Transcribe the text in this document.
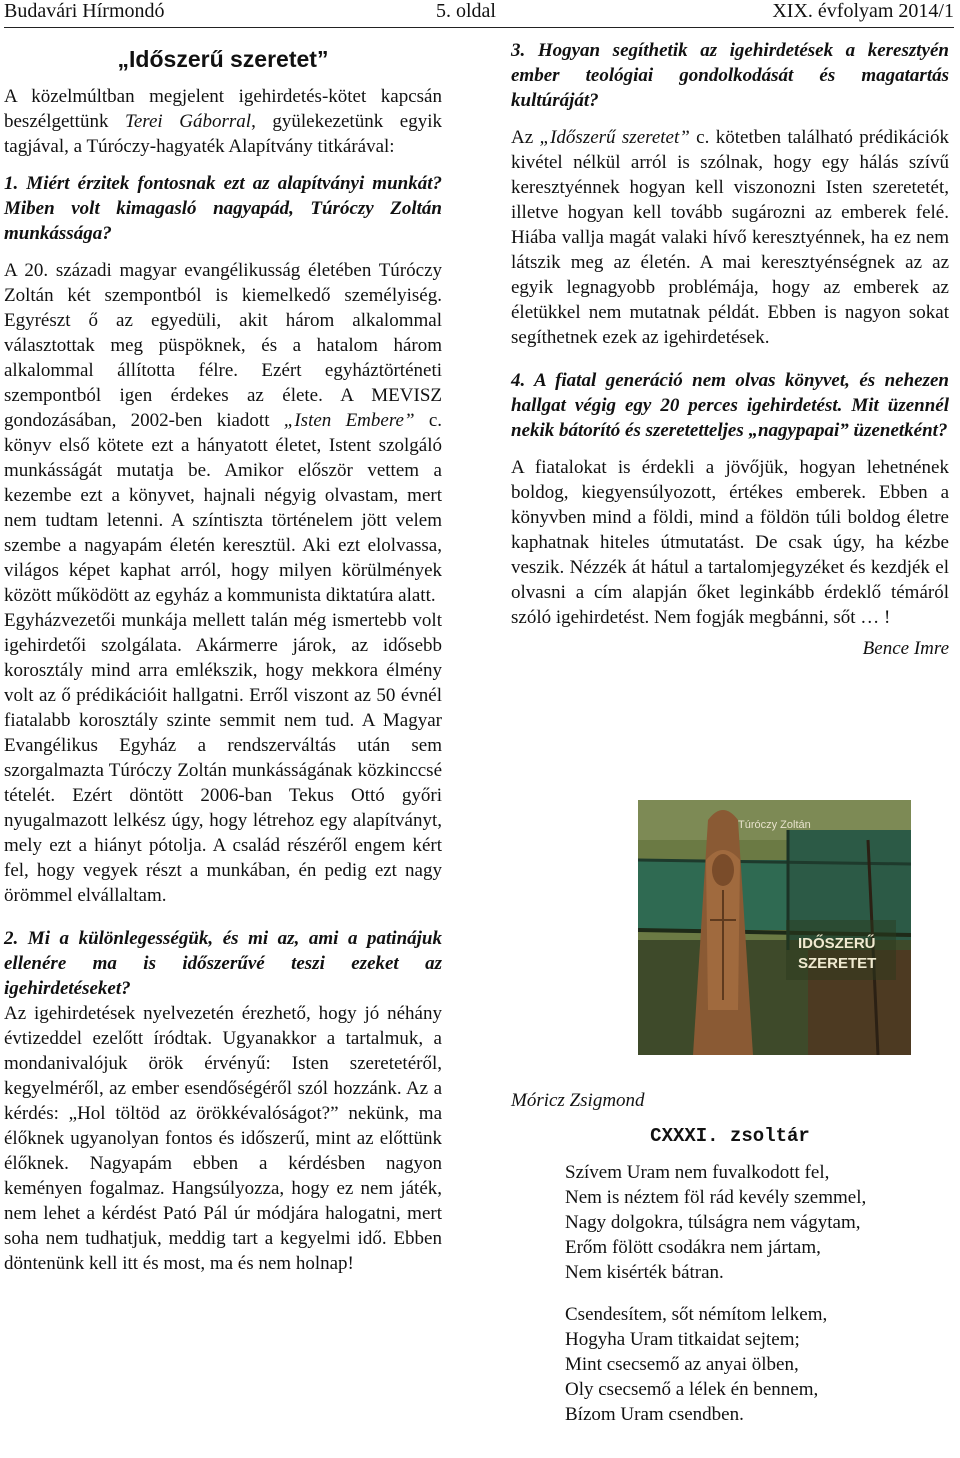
Budavári Hírmondó	5. oldal	XIX. évfolyam 2014/1
„Időszerű szeretet”

A közelmúltban megjelent igehirdetés-kötet kapcsán beszélgettünk Terei Gáborral, gyülekezetünk egyik tagjával, a Túróczy-hagyaték Alapítvány titkárával:

1. Miért érzitek fontosnak ezt az alapítványi munkát? Miben volt kimagasló nagyapád, Túróczy Zoltán munkássága?

A 20. századi magyar evangélikusság életében Túróczy Zoltán két szempontból is kiemelkedő személyiség. Egyrészt ő az egyedüli, akit három alkalommal választottak meg püspöknek, és a hatalom három alkalommal állította félre. Ezért egyháztörténeti szempontból igen érdekes az élete. A MEVISZ gondozásában, 2002-ben kiadott „Isten Embere” c. könyv első kötete ezt a hányatott életet, Istent szolgáló munkásságát mutatja be. Amikor először vettem a kezembe ezt a könyvet, hajnali négyig olvastam, mert nem tudtam letenni. A színtiszta történelem jött velem szembe a nagyapám életén keresztül. Aki ezt elolvassa, világos képet kaphat arról, hogy milyen körülmények között működött az egyház a kommunista diktatúra alatt.

Egyházvezetői munkája mellett talán még ismertebb volt igehirdetői szolgálata. Akármerre járok, az idősebb korosztály mind arra emlékszik, hogy mekkora élmény volt az ő prédikációit hallgatni. Erről viszont az 50 évnél fiatalabb korosztály szinte semmit nem tud. A Magyar Evangélikus Egyház a rendszerváltás után sem szorgalmazta Túróczy Zoltán munkásságának közkinccsé tételét. Ezért döntött 2006-ban Tekus Ottó győri nyugalmazott lelkész úgy, hogy létrehoz egy alapítványt, mely ezt a hiányt pótolja. A család részéről engem kért fel, hogy vegyek részt a munkában, én pedig ezt nagy örömmel elvállaltam.

2. Mi a különlegességük, és mi az, ami a patinájuk ellenére ma is időszerűvé teszi ezeket az igehirdetéseket?

Az igehirdetések nyelvezetén érezhető, hogy jó néhány évtizeddel ezelőtt íródtak. Ugyanakkor a tartalmuk, a mondanivalójuk örök érvényű: Isten szeretetéről, kegyelméről, az ember esendőségéről szól hozzánk. Az a kérdés: „Hol töltöd az örökkévalóságot?” nekünk, ma élőknek ugyanolyan fontos és időszerű, mint az előttünk élőknek. Nagyapám ebben a kérdésben nagyon keményen fogalmaz. Hangsúlyozza, hogy ez nem játék, nem lehet a kérdést Pató Pál úr módjára halogatni, mert soha nem tudhatjuk, meddig tart a kegyelmi idő. Ebben döntenünk kell itt és most, ma és nem holnap!

3. Hogyan segíthetik az igehirdetések a keresztyén ember teológiai gondolkodását és magatartás kultúráját?

Az „Időszerű szeretet” c. kötetben található prédikációk kivétel nélkül arról is szólnak, hogy egy hálás szívű keresztyénnek hogyan kell viszonozni Isten szeretetét, illetve hogyan kell tovább sugározni az emberek felé. Hiába vallja magát valaki hívő keresztyénnek, ha ez nem látszik meg az életén. A mai keresztyénségnek az az egyik legnagyobb problémája, hogy az emberek az életükkel nem mutatnak példát. Ebben is nagyon sokat segíthetnek ezek az igehirdetések.

4. A fiatal generáció nem olvas könyvet, és nehezen hallgat végig egy 20 perces igehirdetést. Mit üzennél nekik bátorító és szeretetteljes „nagypapai” üzenetként?

A fiatalokat is érdekli a jövőjük, hogyan lehetnének boldog, kiegyensúlyozott, értékes emberek. Ebben a könyvben mind a földi, mind a földön túli boldog életre kaphatnak hiteles útmutatást. De csak úgy, ha kézbe veszik. Nézzék át hátul a tartalomjegyzéket és kezdjék el olvasni a cím alapján őket leginkább érdeklő témáról szóló igehirdetést. Nem fogják megbánni, sőt … !

Bence Imre
Túróczy Zoltán
IDŐSZERŰ
SZERETET
Móricz Zsigmond
CXXXI. zsoltár
Szívem Uram nem fuvalkodott fel,
Nem is néztem föl rád kevély szemmel,
Nagy dolgokra, túlságra nem vágytam,
Erőm fölött csodákra nem jártam,
Nem kisérték bátran.
Csendesítem, sőt némítom lelkem,
Hogyha Uram titkaidat sejtem;
Mint csecsemő az anyai ölben,
Oly csecsemő a lélek én bennem,
Bízom Uram csendben.
